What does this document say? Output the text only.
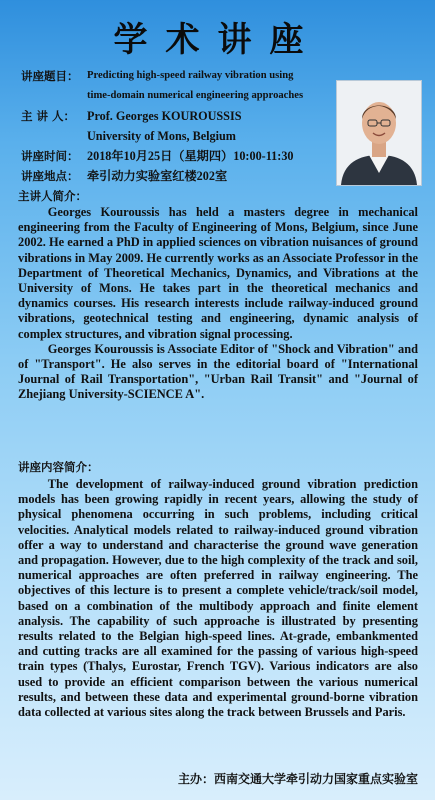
学术讲座
讲座题目： Predicting high-speed railway vibration using
time-domain numerical engineering approaches
主 讲 人： Prof. Georges KOUROUSSIS
University of Mons, Belgium
讲座时间： 2018年10月25日（星期四）10:00-11:30
讲座地点： 牵引动力实验室红楼202室
主讲人简介：

Georges Kouroussis has held a masters degree in mechanical engineering from the Faculty of Engineering of Mons, Belgium, since June 2002. He earned a PhD in applied sciences on vibration nuisances of ground vibrations in May 2009. He currently works as an Associate Professor in the Department of Theoretical Mechanics, Dynamics, and Vibrations at the University of Mons. He takes part in the theoretical mechanics and dynamics courses. His research interests include railway-induced ground vibrations, geotechnical testing and engineering, dynamic analysis of complex structures, and vibration signal processing.

Georges Kouroussis is Associate Editor of "Shock and Vibration" and of "Transport". He also serves in the editorial board of "International Journal of Rail Transportation", "Urban Rail Transit" and "Journal of Zhejiang University-SCIENCE A".

讲座内容简介：

The development of railway-induced ground vibration prediction models has been growing rapidly in recent years, allowing the study of physical phenomena occurring in such problems, including critical velocities. Analytical models related to railway-induced ground vibration offer a way to understand and characterise the ground wave generation and propagation. However, due to the high complexity of the track and soil, numerical approaches are often preferred in railway engineering. The objectives of this lecture is to present a complete vehicle/track/soil model, based on a combination of the multibody approach and finite element analysis. The capability of such approache is illustrated by presenting results related to the Belgian high-speed lines. At-grade, embankmented and cutting tracks are all examined for the passing of various high-speed train types (Thalys, Eurostar, French TGV). Various indicators are also used to provide an efficient comparison between the various numerical results, and between these data and experimental ground-borne vibration data collected at various sites along the track between Brussels and Paris.

主办：西南交通大学牵引动力国家重点实验室
